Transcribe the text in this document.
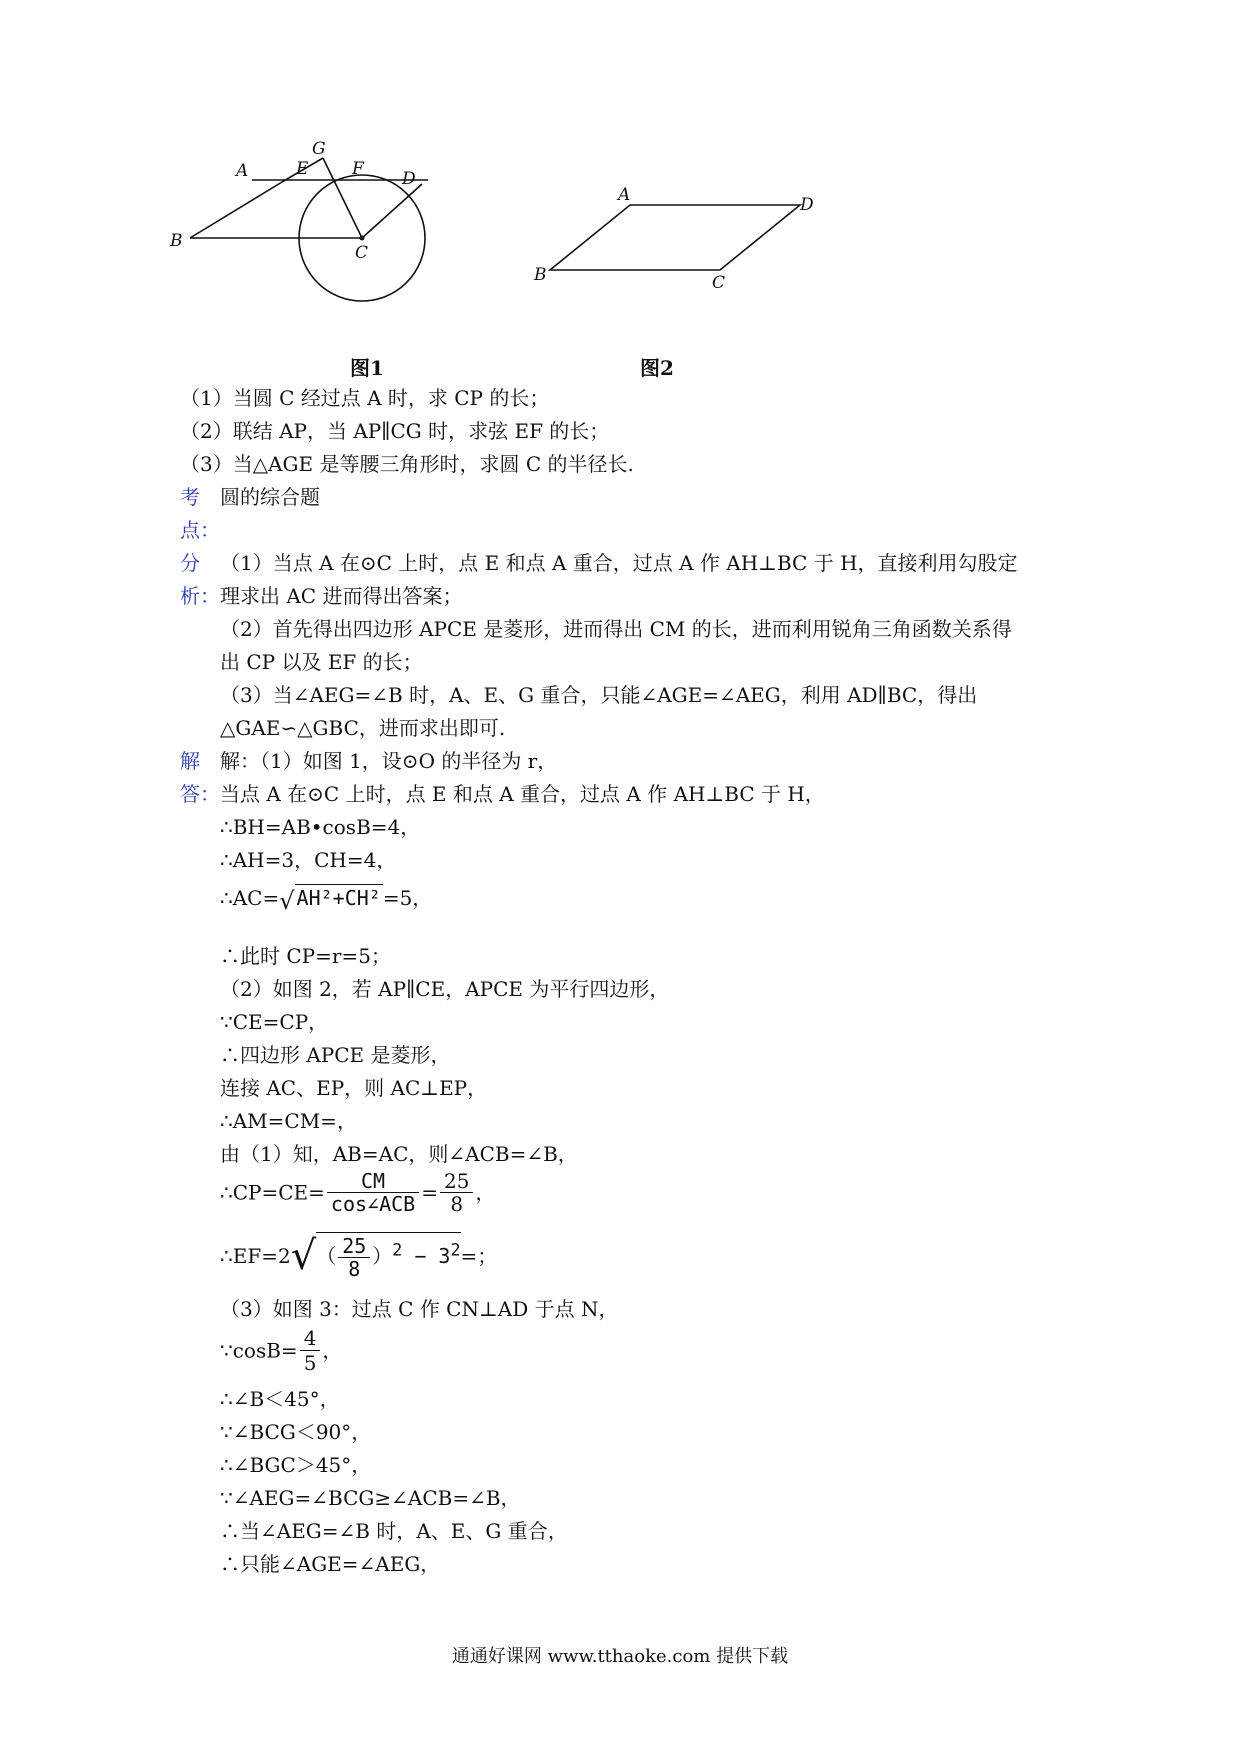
G
A	E	F D
B
C
图1
A	D
B	C
图2
（1）当圆 C 经过点 A 时，求 CP 的长；
（2）联结 AP，当 AP∥CG 时，求弦 EF 的长；
（3）当△AGE 是等腰三角形时，求圆 C 的半径长.
考
点：
圆的综合题
分
析：
（1）当点 A 在⊙C 上时，点 E 和点 A 重合，过点 A 作 AH⊥BC 于 H，直接利用勾股定
理求出 AC 进而得出答案；
（2）首先得出四边形 APCE 是菱形，进而得出 CM 的长，进而利用锐角三角函数关系得
出 CP 以及 EF 的长；
（3）当∠AEG=∠B 时，A、E、G 重合，只能∠AGE=∠AEG，利用 AD∥BC，得出
△GAE∽△GBC，进而求出即可.
解
答：
解：（1）如图 1，设⊙O 的半径为 r，
当点 A 在⊙C 上时，点 E 和点 A 重合，过点 A 作 AH⊥BC 于 H，
∴BH=AB•cosB=4，
∴AH=3，CH=4，
∴AC=√ AH²+CH² =5，
∴此时 CP=r=5；
（2）如图 2，若 AP∥CE，APCE 为平行四边形，
∵CE=CP，
∴四边形 APCE 是菱形，
连接 AC、EP，则 AC⊥EP，
∴AM=CM=，
由（1）知，AB=AC，则∠ACB=∠B，
∴CP=CE= $\frac{CM}{\text{cos∠ACB}} = \frac{25}{8}$ ，
∴EF=2√（ $\frac{25}{8} )^2 - 3^2=$；
（3）如图 3：过点 C 作 CN⊥AD 于点 N，
∵cosB= $\frac{4}{5}$ ，
∴∠B＜45°，
∵∠BCG＜90°，
∴∠BGC＞45°，
∵∠AEG=∠BCG≥∠ACB=∠B，
∴当∠AEG=∠B 时，A、E、G 重合，
∴只能∠AGE=∠AEG，
通通好课网 www.tthaoke.com 提供下载
